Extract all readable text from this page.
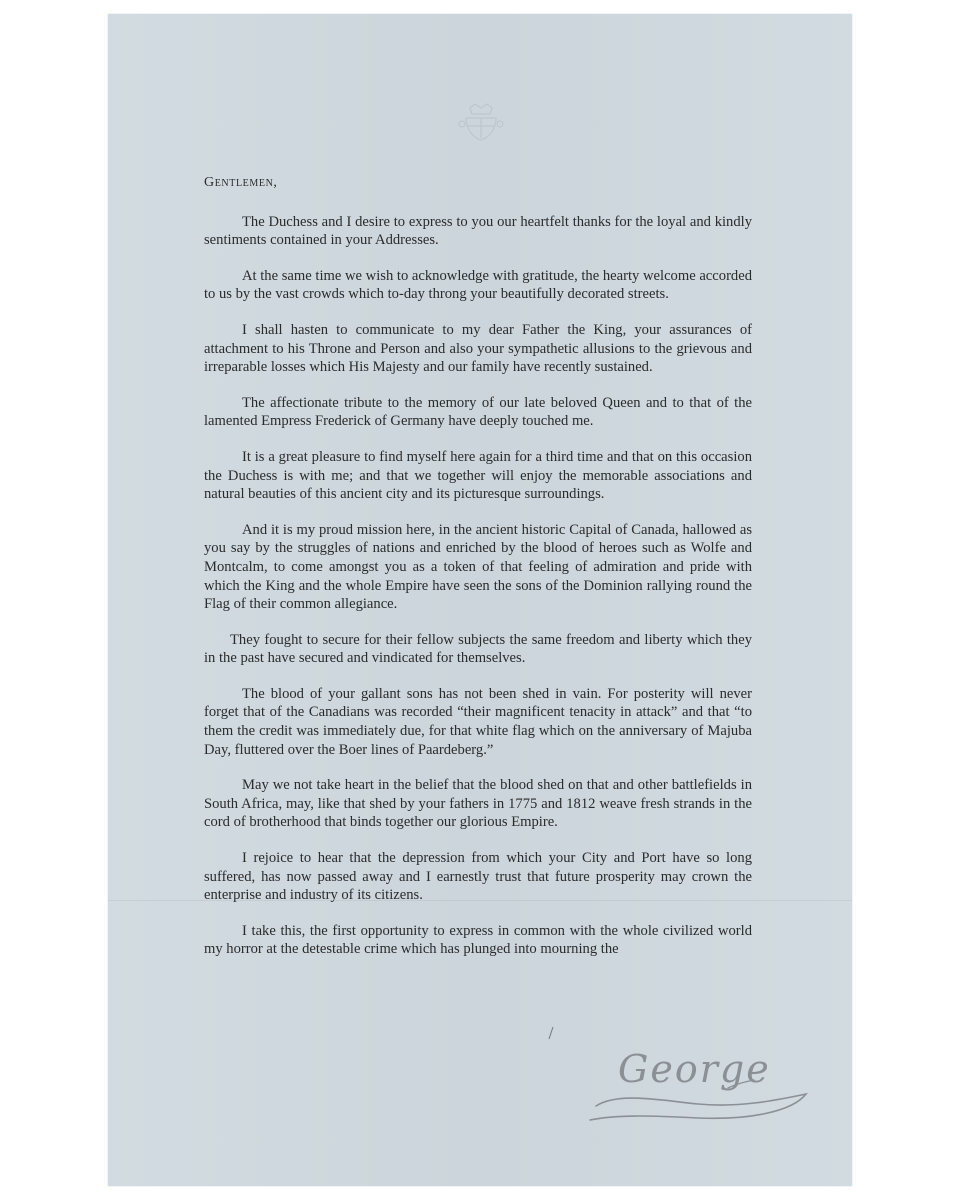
Gentlemen,

The Duchess and I desire to express to you our heartfelt thanks for the loyal and kindly sentiments contained in your Addresses.

At the same time we wish to acknowledge with gratitude, the hearty welcome accorded to us by the vast crowds which to-day throng your beautifully decorated streets.

I shall hasten to communicate to my dear Father the King, your assurances of attachment to his Throne and Person and also your sympathetic allusions to the grievous and irreparable losses which His Majesty and our family have recently sustained.

The affectionate tribute to the memory of our late beloved Queen and to that of the lamented Empress Frederick of Germany have deeply touched me.

It is a great pleasure to find myself here again for a third time and that on this occasion the Duchess is with me; and that we together will enjoy the memorable associations and natural beauties of this ancient city and its picturesque surroundings.

And it is my proud mission here, in the ancient historic Capital of Canada, hallowed as you say by the struggles of nations and enriched by the blood of heroes such as Wolfe and Montcalm, to come amongst you as a token of that feeling of admiration and pride with which the King and the whole Empire have seen the sons of the Dominion rallying round the Flag of their common allegiance.

They fought to secure for their fellow subjects the same freedom and liberty which they in the past have secured and vindicated for themselves.

The blood of your gallant sons has not been shed in vain. For posterity will never forget that of the Canadians was recorded “their magnificent tenacity in attack” and that “to them the credit was immediately due, for that white flag which on the anniversary of Majuba Day, fluttered over the Boer lines of Paardeberg.”

May we not take heart in the belief that the blood shed on that and other battlefields in South Africa, may, like that shed by your fathers in 1775 and 1812 weave fresh strands in the cord of brotherhood that binds together our glorious Empire.

I rejoice to hear that the depression from which your City and Port have so long suffered, has now passed away and I earnestly trust that future prosperity may crown the enterprise and industry of its citizens.

I take this, the first opportunity to express in common with the whole civilized world my horror at the detestable crime which has plunged into mourning the

George
